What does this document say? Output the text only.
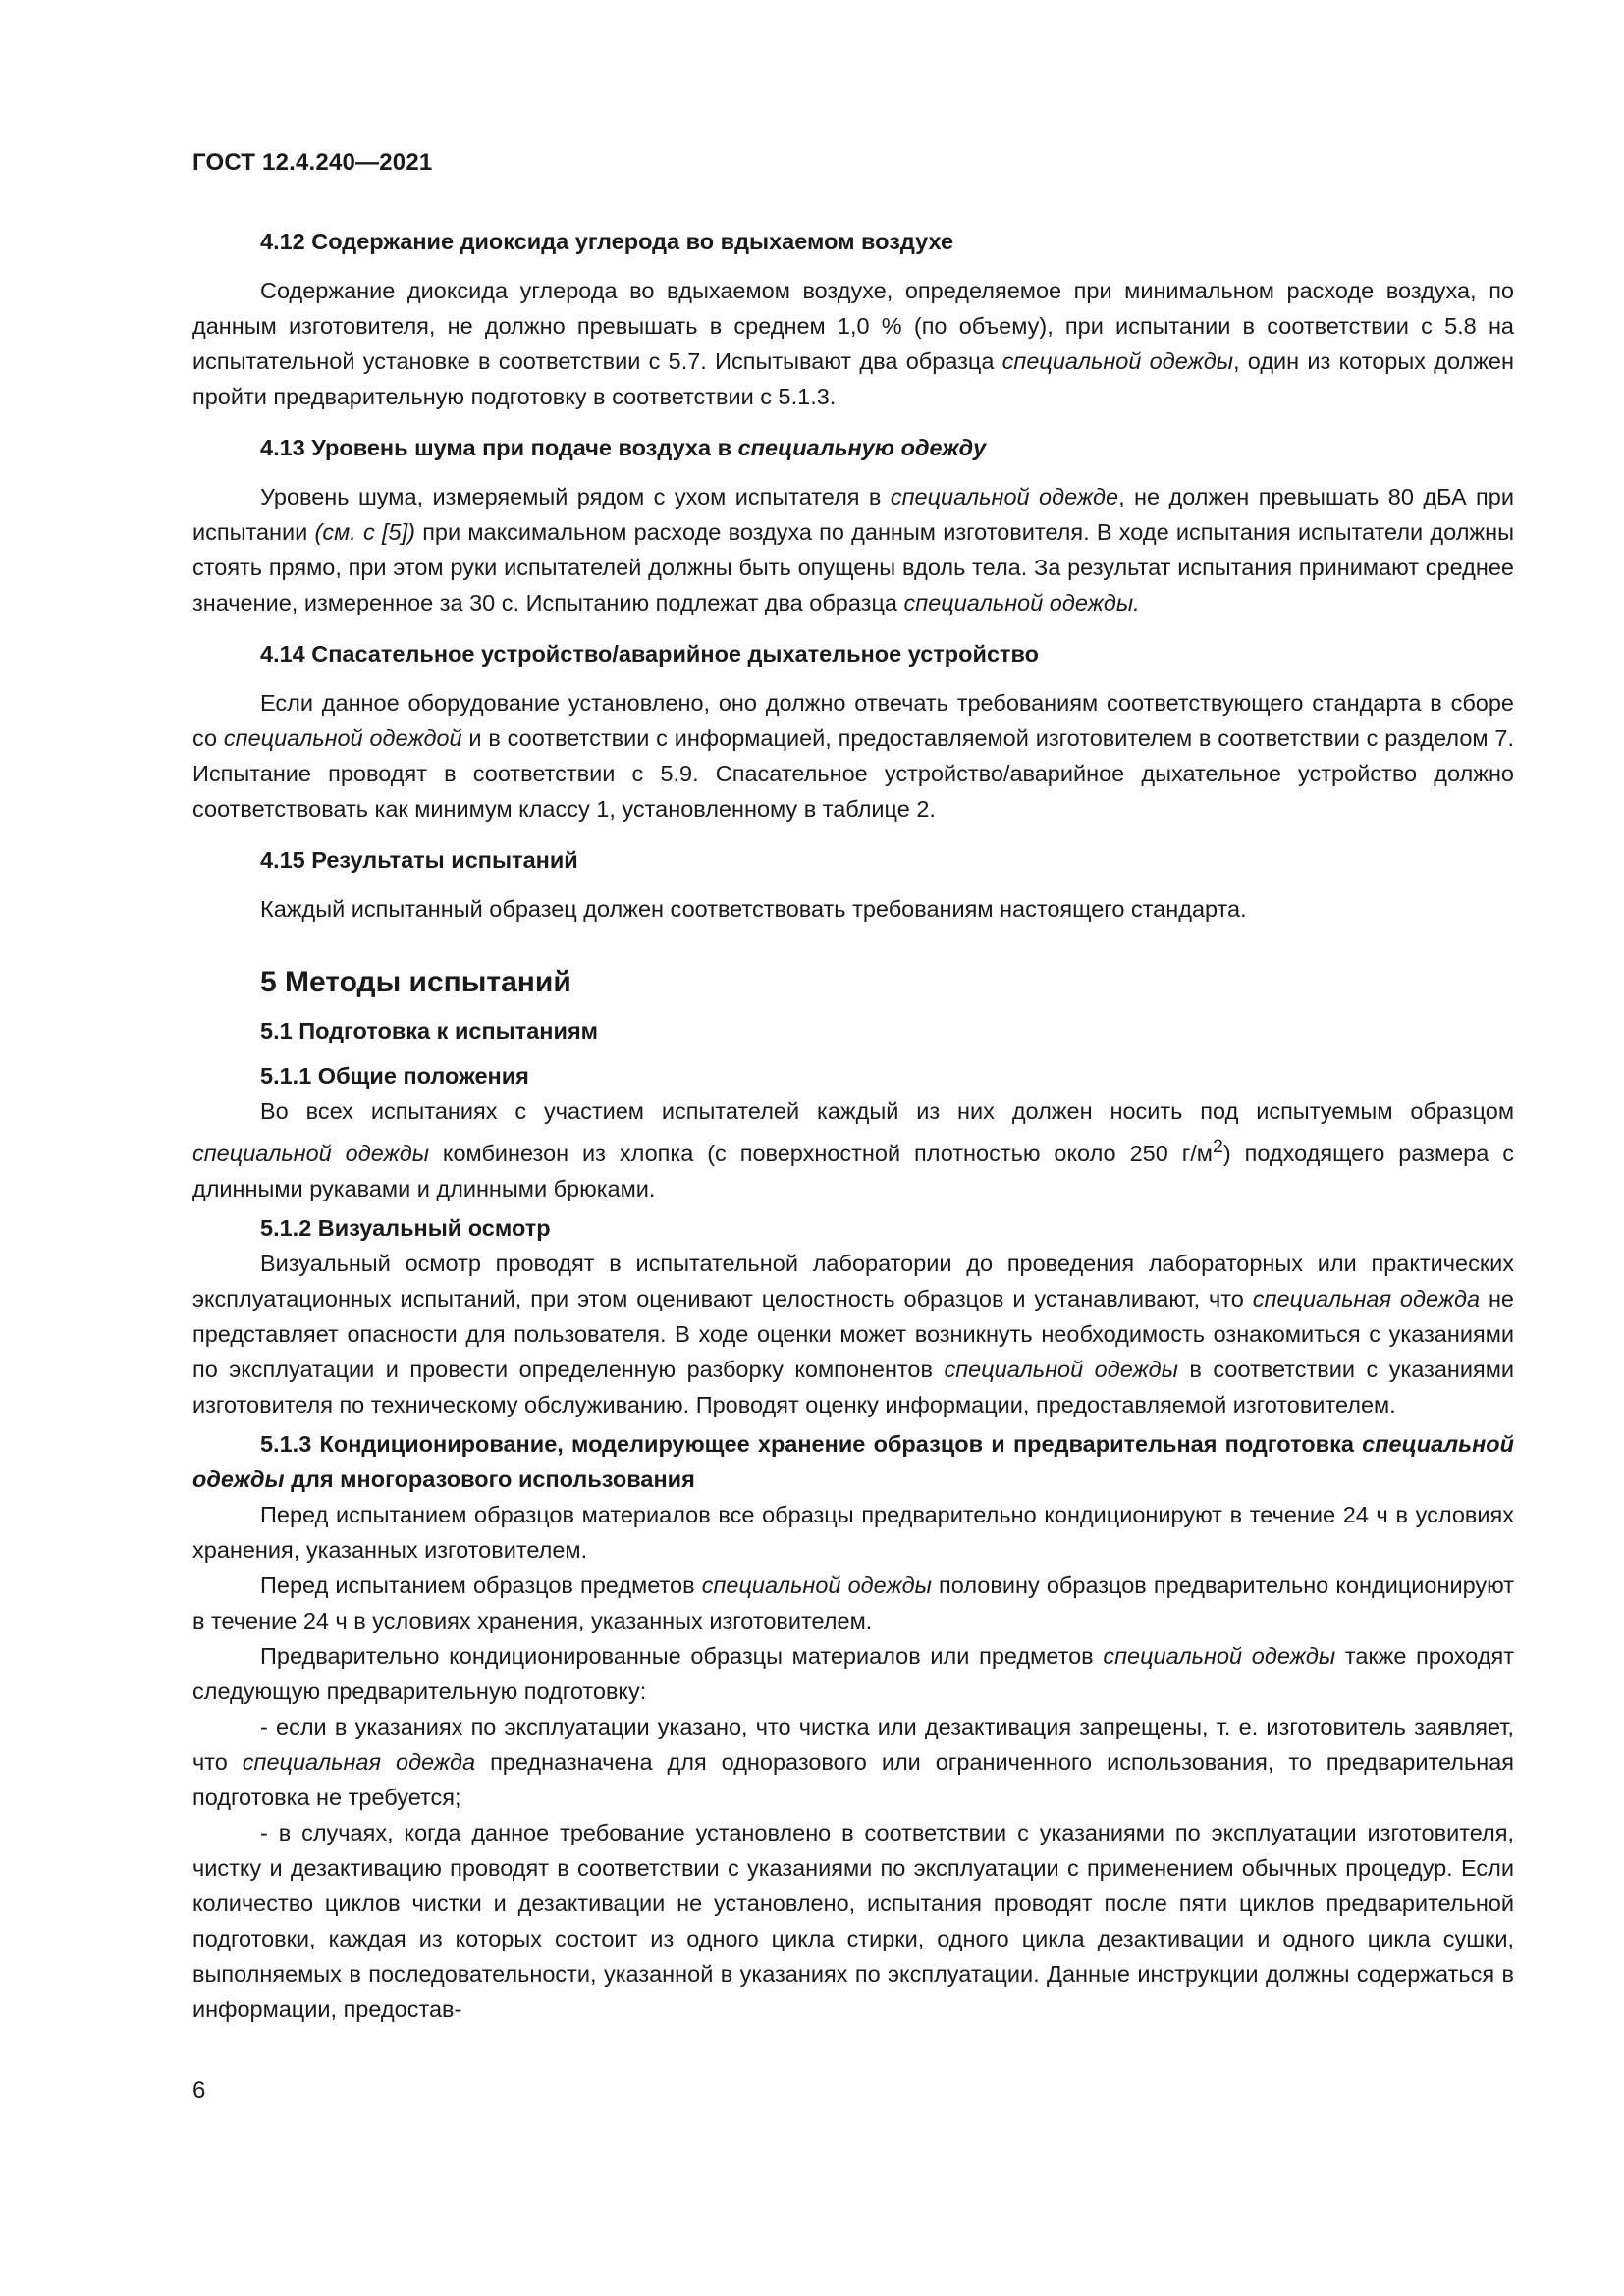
ГОСТ 12.4.240—2021

4.12 Содержание диоксида углерода во вдыхаемом воздухе

Содержание диоксида углерода во вдыхаемом воздухе, определяемое при минимальном расходе воздуха, по данным изготовителя, не должно превышать в среднем 1,0 % (по объему), при испытании в соответствии с 5.8 на испытательной установке в соответствии с 5.7. Испытывают два образца специальной одежды, один из которых должен пройти предварительную подготовку в соответствии с 5.1.3.

4.13 Уровень шума при подаче воздуха в специальную одежду

Уровень шума, измеряемый рядом с ухом испытателя в специальной одежде, не должен превышать 80 дБА при испытании (см. с [5]) при максимальном расходе воздуха по данным изготовителя. В ходе испытания испытатели должны стоять прямо, при этом руки испытателей должны быть опущены вдоль тела. За результат испытания принимают среднее значение, измеренное за 30 с. Испытанию подлежат два образца специальной одежды.

4.14 Спасательное устройство/аварийное дыхательное устройство

Если данное оборудование установлено, оно должно отвечать требованиям соответствующего стандарта в сборе со специальной одеждой и в соответствии с информацией, предоставляемой изготовителем в соответствии с разделом 7. Испытание проводят в соответствии с 5.9. Спасательное устройство/аварийное дыхательное устройство должно соответствовать как минимум классу 1, установленному в таблице 2.

4.15 Результаты испытаний

Каждый испытанный образец должен соответствовать требованиям настоящего стандарта.

5 Методы испытаний

5.1 Подготовка к испытаниям

5.1.1 Общие положения

Во всех испытаниях с участием испытателей каждый из них должен носить под испытуемым образцом специальной одежды комбинезон из хлопка (с поверхностной плотностью около 250 $г/м^2$) подходящего размера с длинными рукавами и длинными брюками.

5.1.2 Визуальный осмотр

Визуальный осмотр проводят в испытательной лаборатории до проведения лабораторных или практических эксплуатационных испытаний, при этом оценивают целостность образцов и устанавливают, что специальная одежда не представляет опасности для пользователя. В ходе оценки может возникнуть необходимость ознакомиться с указаниями по эксплуатации и провести определенную разборку компонентов специальной одежды в соответствии с указаниями изготовителя по техническому обслуживанию. Проводят оценку информации, предоставляемой изготовителем.

5.1.3 Кондиционирование, моделирующее хранение образцов и предварительная подготовка специальной одежды для многоразового использования

Перед испытанием образцов материалов все образцы предварительно кондиционируют в течение 24 ч в условиях хранения, указанных изготовителем.

Перед испытанием образцов предметов специальной одежды половину образцов предварительно кондиционируют в течение 24 ч в условиях хранения, указанных изготовителем.

Предварительно кондиционированные образцы материалов или предметов специальной одежды также проходят следующую предварительную подготовку:

- если в указаниях по эксплуатации указано, что чистка или дезактивация запрещены, т. е. изготовитель заявляет, что специальная одежда предназначена для одноразового или ограниченного использования, то предварительная подготовка не требуется;

- в случаях, когда данное требование установлено в соответствии с указаниями по эксплуатации изготовителя, чистку и дезактивацию проводят в соответствии с указаниями по эксплуатации с применением обычных процедур. Если количество циклов чистки и дезактивации не установлено, испытания проводят после пяти циклов предварительной подготовки, каждая из которых состоит из одного цикла стирки, одного цикла дезактивации и одного цикла сушки, выполняемых в последовательности, указанной в указаниях по эксплуатации. Данные инструкции должны содержаться в информации, предостав-

6
